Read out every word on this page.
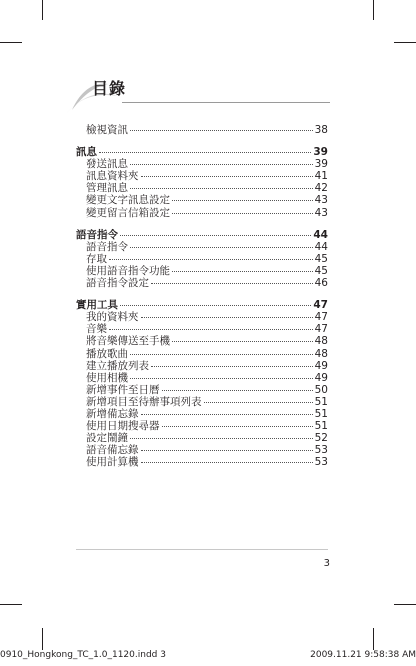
目錄
檢視資訊	38
訊息	39
發送訊息	39
訊息資料夾	41
管理訊息	42
變更文字訊息設定	43
變更留言信箱設定	43
語音指令	44
語音指令	44
存取	45
使用語音指令功能	45
語音指令設定	46
實用工具	47
我的資料夾	47
音樂	47
將音樂傳送至手機	48
播放歌曲	48
建立播放列表	49
使用相機	49
新增事件至日曆	50
新增項目至待辦事項列表	51
新增備忘錄	51
使用日期搜尋器	51
設定鬧鐘	52
語音備忘錄	53
使用計算機	53
3
0910_Hongkong_TC_1.0_1120.indd 3	2009.11.21 9:58:38 AM
